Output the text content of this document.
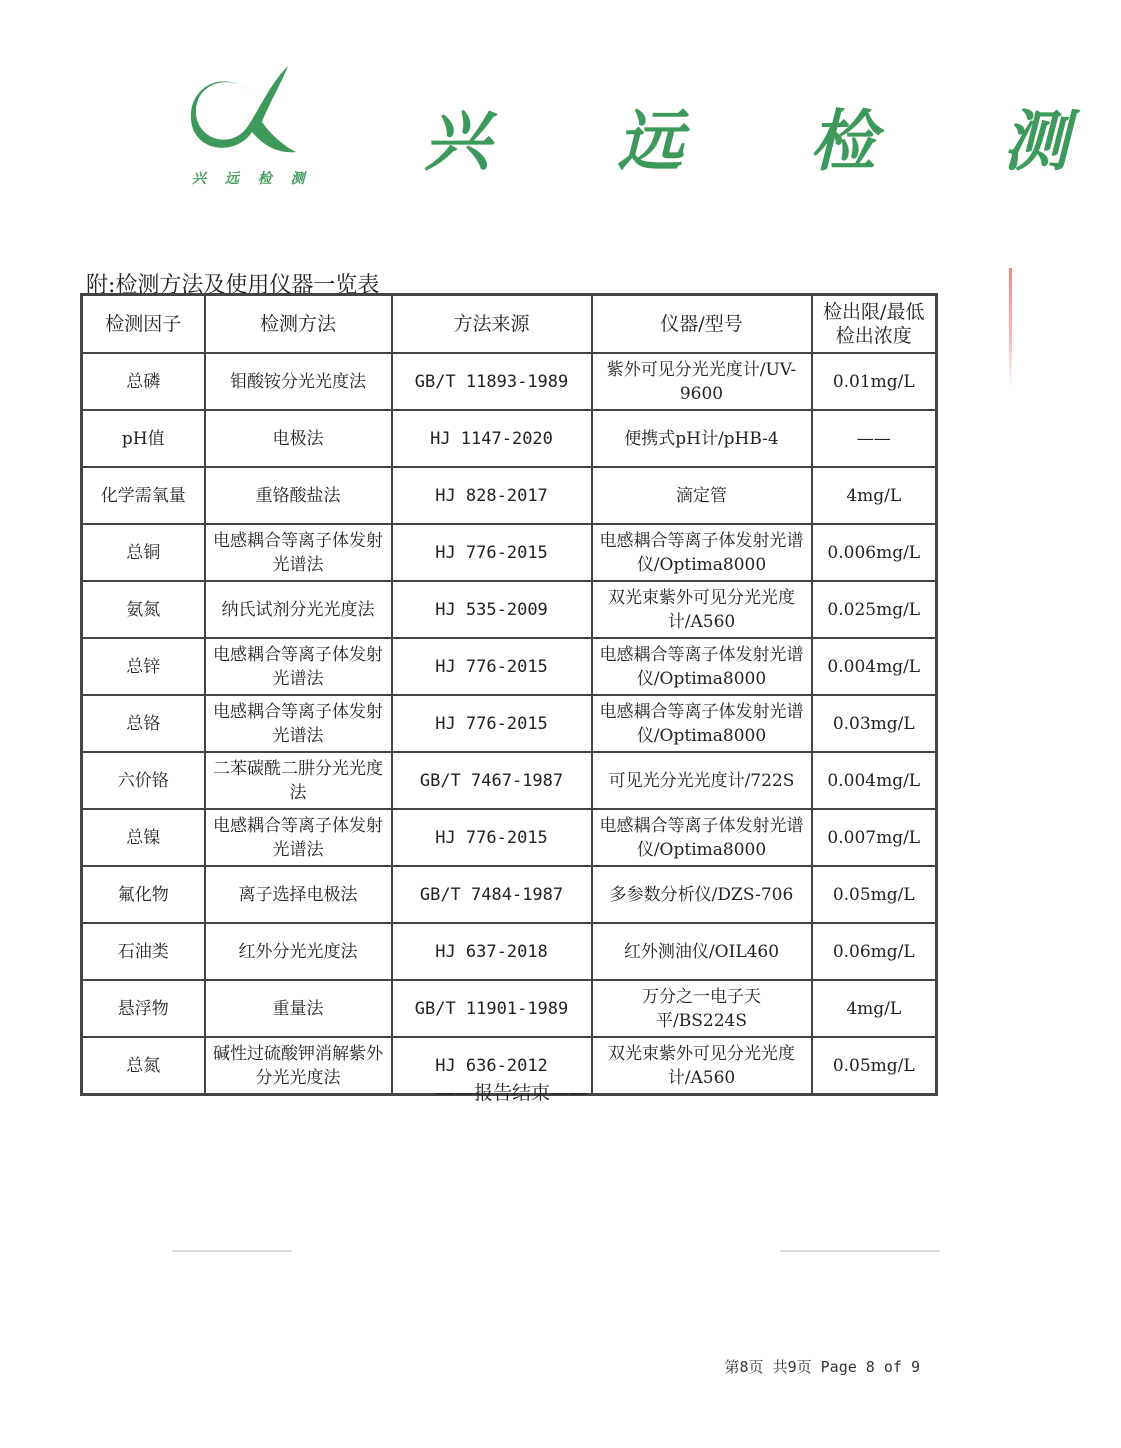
兴 远 检 测 兴 远 检 测
附:检测方法及使用仪器一览表
检测因子	检测方法	方法来源	仪器/型号	检出限/最低检出浓度
总磷	钼酸铵分光光度法	GB/T 11893-1989	紫外可见分光光度计/UV-9600	0.01mg/L
pH值	电极法	HJ 1147-2020	便携式pH计/pHB-4	——
化学需氧量	重铬酸盐法	HJ 828-2017	滴定管	4mg/L
总铜	电感耦合等离子体发射光谱法	HJ 776-2015	电感耦合等离子体发射光谱仪/Optima8000	0.006mg/L
氨氮	纳氏试剂分光光度法	HJ 535-2009	双光束紫外可见分光光度计/A560	0.025mg/L
总锌	电感耦合等离子体发射光谱法	HJ 776-2015	电感耦合等离子体发射光谱仪/Optima8000	0.004mg/L
总铬	电感耦合等离子体发射光谱法	HJ 776-2015	电感耦合等离子体发射光谱仪/Optima8000	0.03mg/L
六价铬	二苯碳酰二肼分光光度法	GB/T 7467-1987	可见光分光光度计/722S	0.004mg/L
总镍	电感耦合等离子体发射光谱法	HJ 776-2015	电感耦合等离子体发射光谱仪/Optima8000	0.007mg/L
氟化物	离子选择电极法	GB/T 7484-1987	多参数分析仪/DZS-706	0.05mg/L
石油类	红外分光光度法	HJ 637-2018	红外测油仪/OIL460	0.06mg/L
悬浮物	重量法	GB/T 11901-1989	万分之一电子天平/BS224S	4mg/L
总氮	碱性过硫酸钾消解紫外分光光度法	HJ 636-2012	双光束紫外可见分光光度计/A560	0.05mg/L
——报告结束——
第8页 共9页 Page 8 of 9
